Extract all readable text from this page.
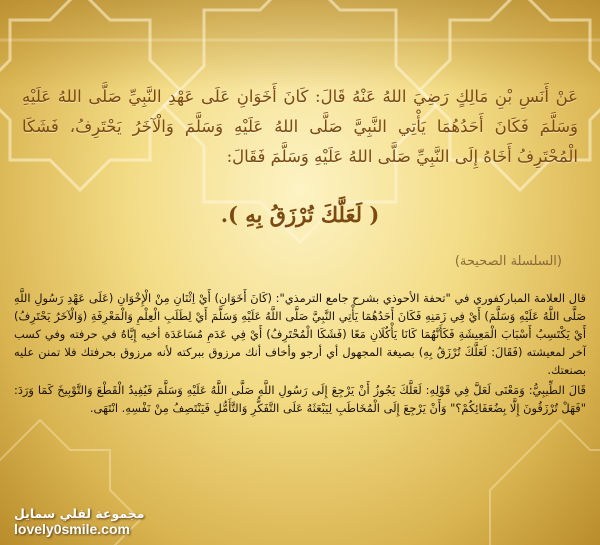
عَنْ أَنَسِ بْنِ مَالِكٍ رَضِيَ اللهُ عَنْهُ قَالَ: كَانَ أَخَوَانِ عَلَى عَهْدِ النَّبِيِّ صَلَّى اللهُ عَلَيْهِ وَسَلَّمَ فَكَانَ أَحَدُهُمَا يَأْتِي النَّبِيَّ صَلَّى اللهُ عَلَيْهِ وَسَلَّمَ وَالْآخَرُ يَحْتَرِفُ، فَشَكَا الْمُحْتَرِفُ أَخَاهُ إِلَى النَّبِيِّ صَلَّى اللهُ عَلَيْهِ وَسَلَّمَ فَقَالَ:
( لَعَلَّكَ تُرْزَقُ بِهِ ).
(السلسلة الصحيحة)

قال العلامة المباركفوري في "تحفة الأحوذي بشرح جامع الترمذي": (كَانَ أَخَوَانِ) أَيْ اِثْنَانِ مِنْ الْإِخْوَانِ (عَلَى عَهْدِ رَسُولِ اللَّهِ صَلَّى اللَّهُ عَلَيْهِ وَسَلَّمَ) أَيْ فِي زَمَنِهِ فَكَانَ أَحَدُهُمَا يَأْتِي النَّبِيَّ صَلَّى اللَّهُ عَلَيْهِ وَسَلَّمَ أَيْ لِطَلَبِ الْعِلْمِ وَالْمَعْرِفَةِ (وَالْآخَرُ يَحْتَرِفُ) أَيْ يَكْتَسِبُ أَسْبَابَ الْمَعِيشَةِ فَكَأَنَّهُمَا كَانَا يَأْكُلَانِ مَعًا (فَشَكَا الْمُحْتَرِفُ) أَيْ فِي عَدَمِ مُسَاعَدَة أخيه إِيَّاهُ في حرفته وفي كسب آخر لمعيشته (فَقَالَ: لَعَلَّكَ تُرْزَقُ بِهِ) بصيغة المجهول أي أرجو وأخاف أنك مرزوق ببركته لأنه مرزوق بحرفتك فلا تمنن عليه بصنعتك.

قَالَ الطِّيبِيُّ: وَمَعْنَى لَعَلَّ فِي قَوْلِهِ: لَعَلَّكَ يَجُوزُ أَنْ يَرْجِعَ إِلَى رَسُولِ اللَّهِ صَلَّى اللَّهُ عَلَيْهِ وَسَلَّمَ فَيُفِيدُ الْقَطْعَ وَالتَّوْبِيخَ كَمَا وَرَدَ: "فَهَلْ تُرْزَقُونَ إِلَّا بِضُعَفَائِكُمْ؟" وَأَنْ يَرْجِعَ إِلَى الْمُخَاطَبِ لِيَبْعَثَهُ عَلَى التَّفَكُّرِ وَالتَّأَمُّلِ فَيَنْتَصِفُ مِنْ نَفْسِهِ. انْتَهَى.

مجموعة لفلي سمايل
lovely0smile.com
